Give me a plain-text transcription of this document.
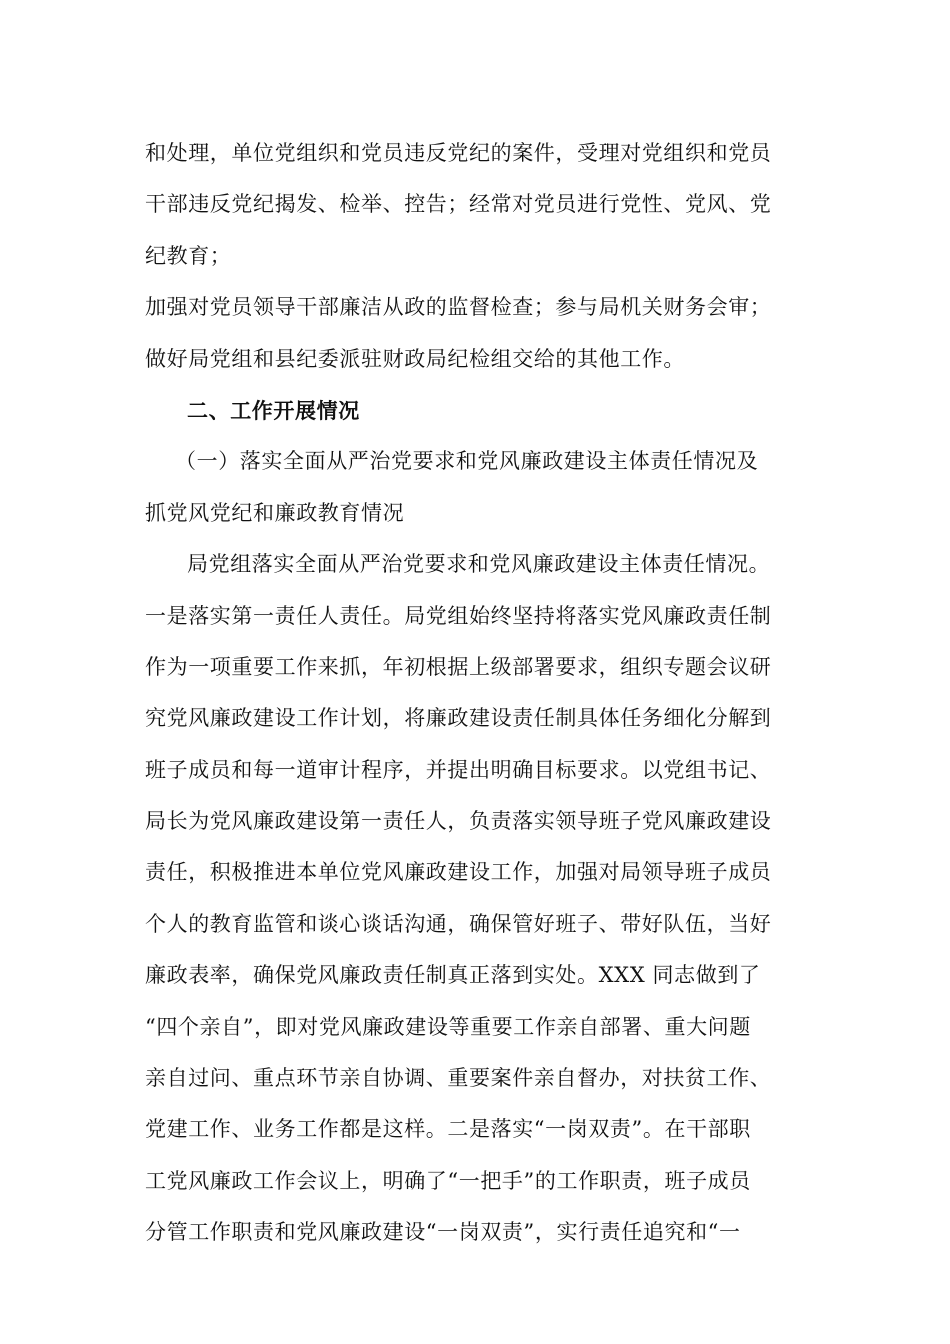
和处理，单位党组织和党员违反党纪的案件，受理对党组织和党员
干部违反党纪揭发、检举、控告；经常对党员进行党性、党风、党
纪教育；
加强对党员领导干部廉洁从政的监督检查；参与局机关财务会审；
做好局党组和县纪委派驻财政局纪检组交给的其他工作。
二、工作开展情况
（一）落实全面从严治党要求和党风廉政建设主体责任情况及
抓党风党纪和廉政教育情况
局党组落实全面从严治党要求和党风廉政建设主体责任情况。
一是落实第一责任人责任。局党组始终坚持将落实党风廉政责任制
作为一项重要工作来抓，年初根据上级部署要求，组织专题会议研
究党风廉政建设工作计划，将廉政建设责任制具体任务细化分解到
班子成员和每一道审计程序，并提出明确目标要求。以党组书记、
局长为党风廉政建设第一责任人，负责落实领导班子党风廉政建设
责任，积极推进本单位党风廉政建设工作，加强对局领导班子成员
个人的教育监管和谈心谈话沟通，确保管好班子、带好队伍，当好
廉政表率，确保党风廉政责任制真正落到实处。XXX 同志做到了
“四个亲自”，即对党风廉政建设等重要工作亲自部署、重大问题
亲自过问、重点环节亲自协调、重要案件亲自督办，对扶贫工作、
党建工作、业务工作都是这样。二是落实“一岗双责”。在干部职
工党风廉政工作会议上，明确了“一把手”的工作职责，班子成员
分管工作职责和党风廉政建设“一岗双责”，实行责任追究和“一
